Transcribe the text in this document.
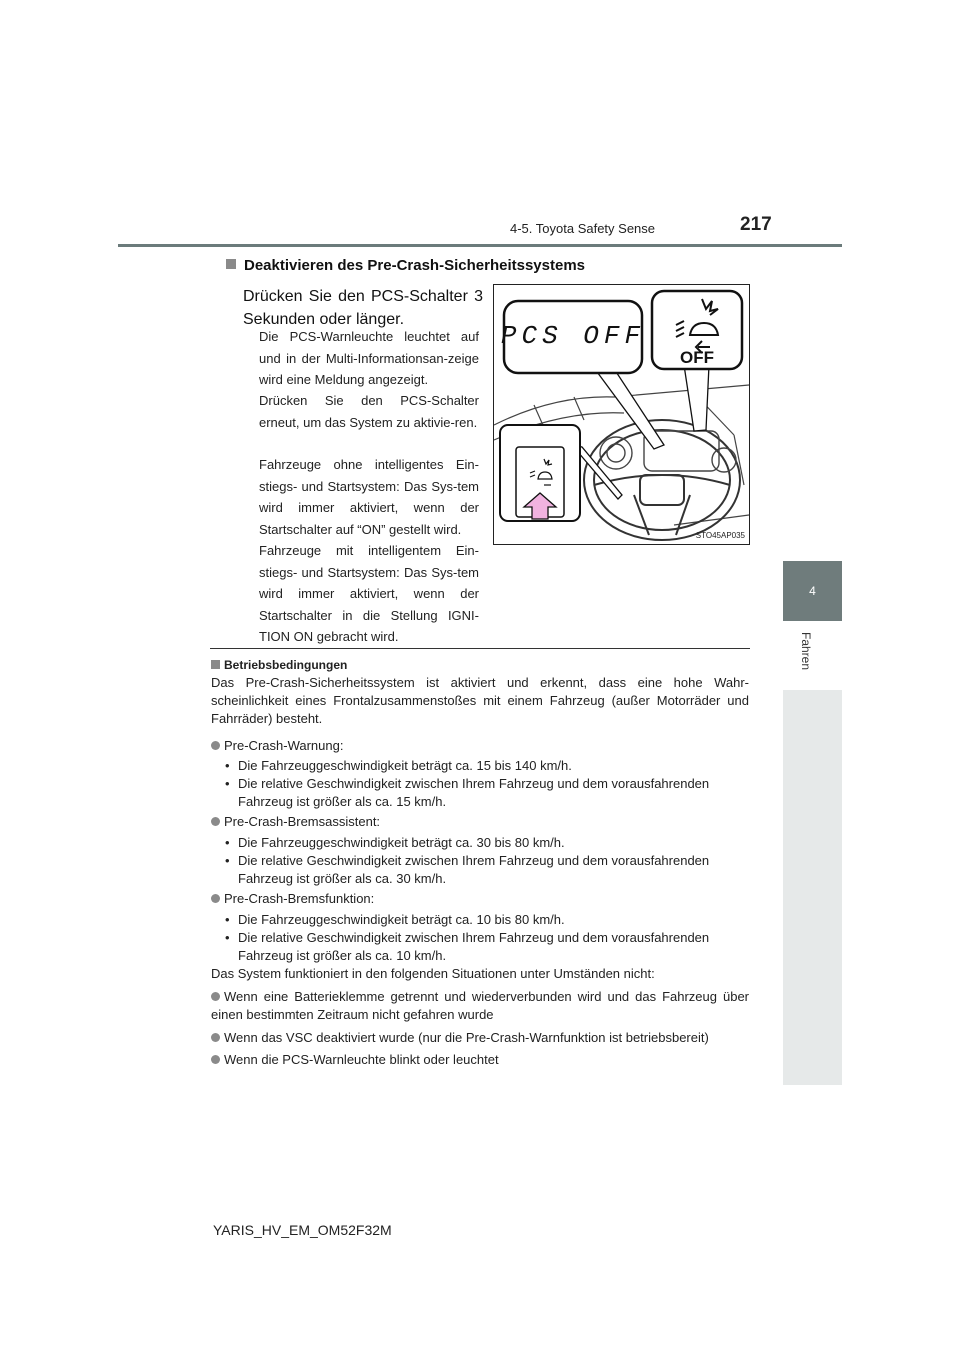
4-5. Toyota Safety Sense	217
4
Fahren
Deaktivieren des Pre-Crash-Sicherheitssystems
Drücken Sie den PCS-Schalter 3 Sekunden oder länger.
Die PCS-Warnleuchte leuchtet auf und in der Multi-Informationsan-zeige wird eine Meldung angezeigt.
Drücken Sie den PCS-Schalter erneut, um das System zu aktivie-ren.
Fahrzeuge ohne intelligentes Ein-stiegs- und Startsystem: Das Sys-tem wird immer aktiviert, wenn der Startschalter auf “ON” gestellt wird.
Fahrzeuge mit intelligentem Ein-stiegs- und Startsystem: Das Sys-tem wird immer aktiviert, wenn der Startschalter in die Stellung IGNI-TION ON gebracht wird.
PCS OFF
OFF
STO45AP035
Betriebsbedingungen
Das Pre-Crash-Sicherheitssystem ist aktiviert und erkennt, dass eine hohe Wahr-scheinlichkeit eines Frontalzusammenstoßes mit einem Fahrzeug (außer Motorräder und Fahrräder) besteht.
Pre-Crash-Warnung:
• Die Fahrzeuggeschwindigkeit beträgt ca. 15 bis 140 km/h.
• Die relative Geschwindigkeit zwischen Ihrem Fahrzeug und dem vorausfahrenden
Fahrzeug ist größer als ca. 15 km/h.
Pre-Crash-Bremsassistent:
• Die Fahrzeuggeschwindigkeit beträgt ca. 30 bis 80 km/h.
• Die relative Geschwindigkeit zwischen Ihrem Fahrzeug und dem vorausfahrenden
Fahrzeug ist größer als ca. 30 km/h.
Pre-Crash-Bremsfunktion:
• Die Fahrzeuggeschwindigkeit beträgt ca. 10 bis 80 km/h.
• Die relative Geschwindigkeit zwischen Ihrem Fahrzeug und dem vorausfahrenden
Fahrzeug ist größer als ca. 10 km/h.
Das System funktioniert in den folgenden Situationen unter Umständen nicht:
Wenn eine Batterieklemme getrennt und wiederverbunden wird und das Fahrzeug über einen bestimmten Zeitraum nicht gefahren wurde
Wenn das VSC deaktiviert wurde (nur die Pre-Crash-Warnfunktion ist betriebsbereit)
Wenn die PCS-Warnleuchte blinkt oder leuchtet
YARIS_HV_EM_OM52F32M
